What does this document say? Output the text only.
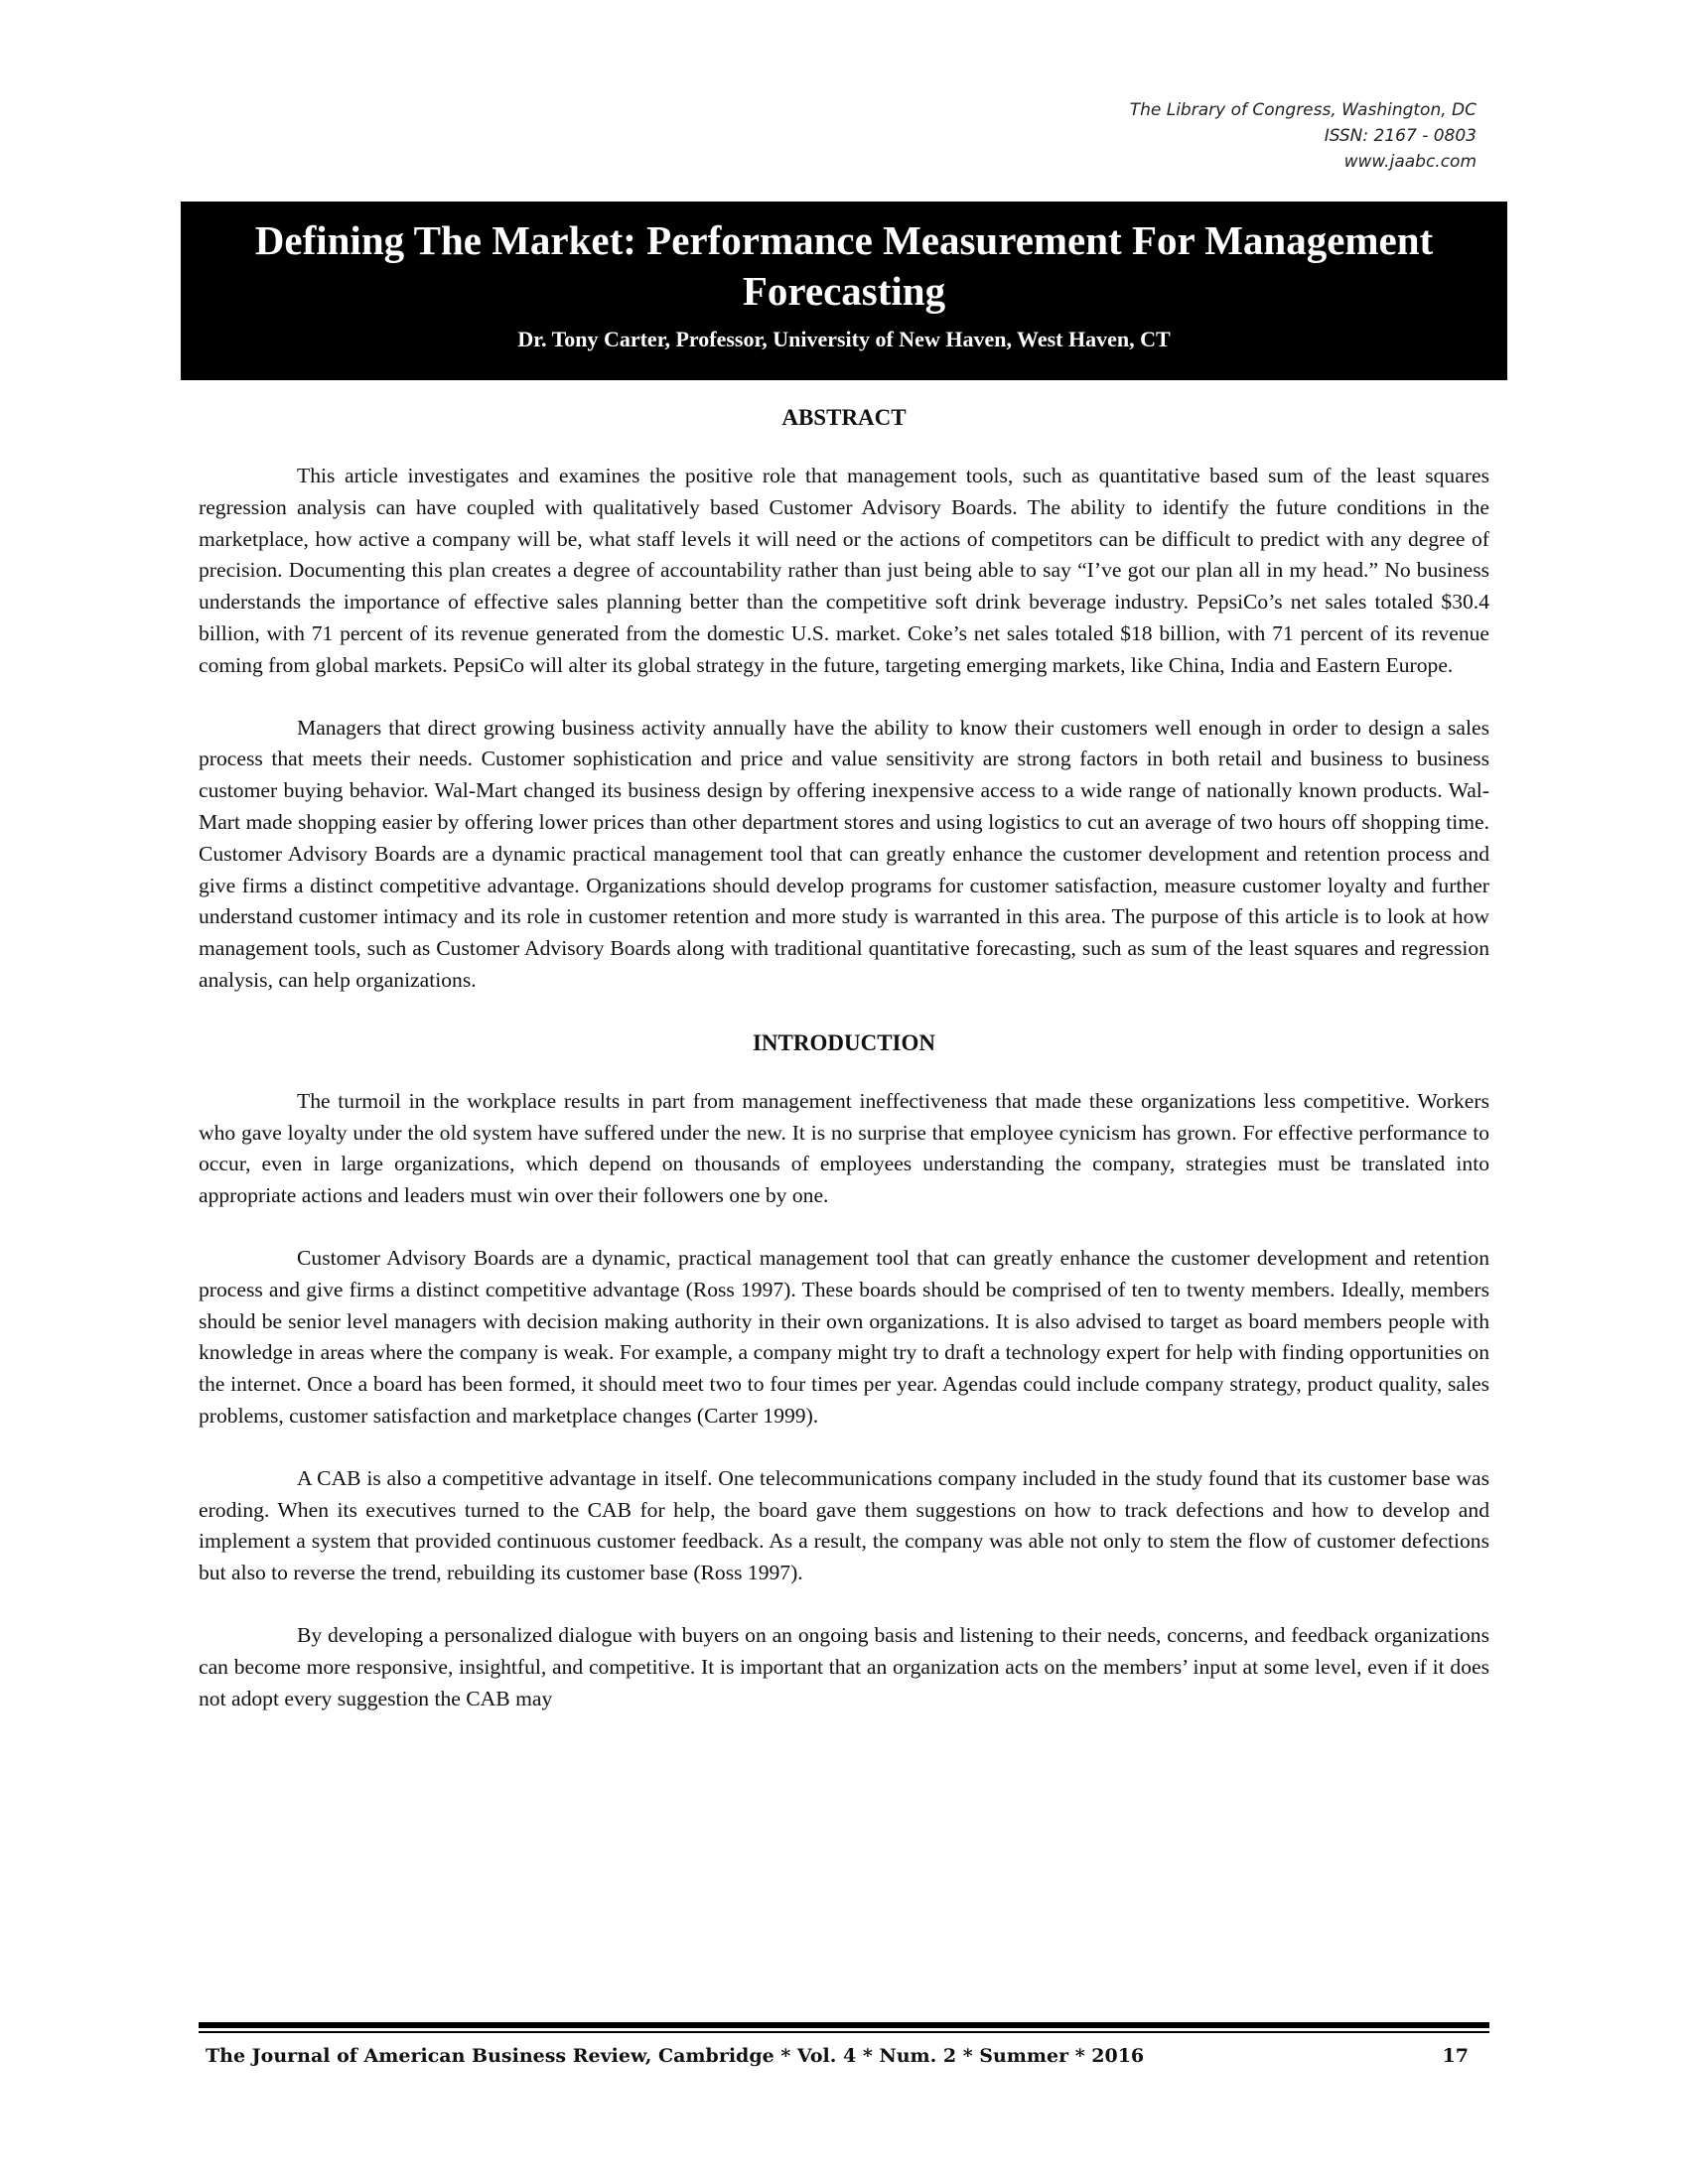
The Library of Congress, Washington, DC
ISSN: 2167 - 0803
www.jaabc.com
Defining The Market: Performance Measurement For Management Forecasting
Dr. Tony Carter, Professor, University of New Haven, West Haven, CT
ABSTRACT

This article investigates and examines the positive role that management tools, such as quantitative based sum of the least squares regression analysis can have coupled with qualitatively based Customer Advisory Boards. The ability to identify the future conditions in the marketplace, how active a company will be, what staff levels it will need or the actions of competitors can be difficult to predict with any degree of precision. Documenting this plan creates a degree of accountability rather than just being able to say “I’ve got our plan all in my head.” No business understands the importance of effective sales planning better than the competitive soft drink beverage industry. PepsiCo’s net sales totaled $30.4 billion, with 71 percent of its revenue generated from the domestic U.S. market. Coke’s net sales totaled $18 billion, with 71 percent of its revenue coming from global markets. PepsiCo will alter its global strategy in the future, targeting emerging markets, like China, India and Eastern Europe.

Managers that direct growing business activity annually have the ability to know their customers well enough in order to design a sales process that meets their needs. Customer sophistication and price and value sensitivity are strong factors in both retail and business to business customer buying behavior. Wal-Mart changed its business design by offering inexpensive access to a wide range of nationally known products. Wal-Mart made shopping easier by offering lower prices than other department stores and using logistics to cut an average of two hours off shopping time. Customer Advisory Boards are a dynamic practical management tool that can greatly enhance the customer development and retention process and give firms a distinct competitive advantage. Organizations should develop programs for customer satisfaction, measure customer loyalty and further understand customer intimacy and its role in customer retention and more study is warranted in this area. The purpose of this article is to look at how management tools, such as Customer Advisory Boards along with traditional quantitative forecasting, such as sum of the least squares and regression analysis, can help organizations.

INTRODUCTION

The turmoil in the workplace results in part from management ineffectiveness that made these organizations less competitive. Workers who gave loyalty under the old system have suffered under the new. It is no surprise that employee cynicism has grown. For effective performance to occur, even in large organizations, which depend on thousands of employees understanding the company, strategies must be translated into appropriate actions and leaders must win over their followers one by one.

Customer Advisory Boards are a dynamic, practical management tool that can greatly enhance the customer development and retention process and give firms a distinct competitive advantage (Ross 1997). These boards should be comprised of ten to twenty members. Ideally, members should be senior level managers with decision making authority in their own organizations. It is also advised to target as board members people with knowledge in areas where the company is weak. For example, a company might try to draft a technology expert for help with finding opportunities on the internet. Once a board has been formed, it should meet two to four times per year. Agendas could include company strategy, product quality, sales problems, customer satisfaction and marketplace changes (Carter 1999).

A CAB is also a competitive advantage in itself. One telecommunications company included in the study found that its customer base was eroding. When its executives turned to the CAB for help, the board gave them suggestions on how to track defections and how to develop and implement a system that provided continuous customer feedback. As a result, the company was able not only to stem the flow of customer defections but also to reverse the trend, rebuilding its customer base (Ross 1997).

By developing a personalized dialogue with buyers on an ongoing basis and listening to their needs, concerns, and feedback organizations can become more responsive, insightful, and competitive. It is important that an organization acts on the members’ input at some level, even if it does not adopt every suggestion the CAB may

The Journal of American Business Review, Cambridge * Vol. 4 * Num. 2 * Summer * 2016	17
